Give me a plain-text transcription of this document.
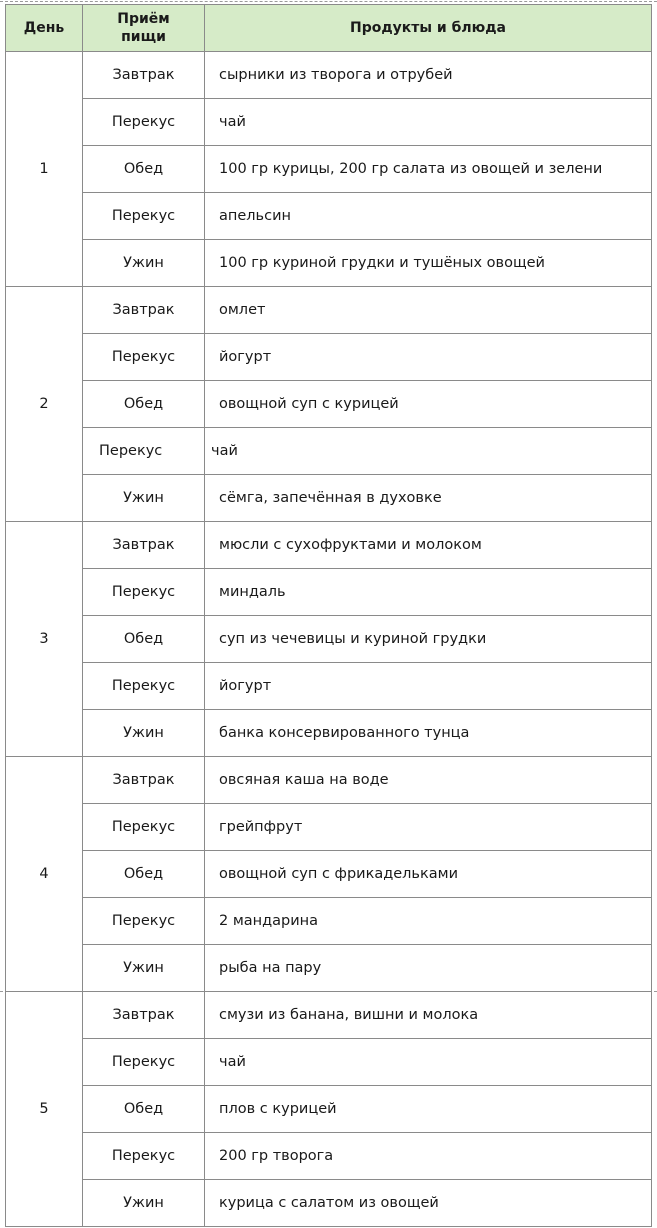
День	Приём пищи	Продукты и блюда
1	Завтрак	сырники из творога и отрубей
	Перекус	чай
	Обед	100 гр курицы, 200 гр салата из овощей и зелени
	Перекус	апельсин
	Ужин	100 гр куриной грудки и тушёных овощей
2	Завтрак	омлет
	Перекус	йогурт
	Обед	овощной суп с курицей
	Перекус	чай
	Ужин	сёмга, запечённая в духовке
3	Завтрак	мюсли с сухофруктами и молоком
	Перекус	миндаль
	Обед	суп из чечевицы и куриной грудки
	Перекус	йогурт
	Ужин	банка консервированного тунца
4	Завтрак	овсяная каша на воде
	Перекус	грейпфрут
	Обед	овощной суп с фрикадельками
	Перекус	2 мандарина
	Ужин	рыба на пару
5	Завтрак	смузи из банана, вишни и молока
	Перекус	чай
	Обед	плов с курицей
	Перекус	200 гр творога
	Ужин	курица с салатом из овощей
